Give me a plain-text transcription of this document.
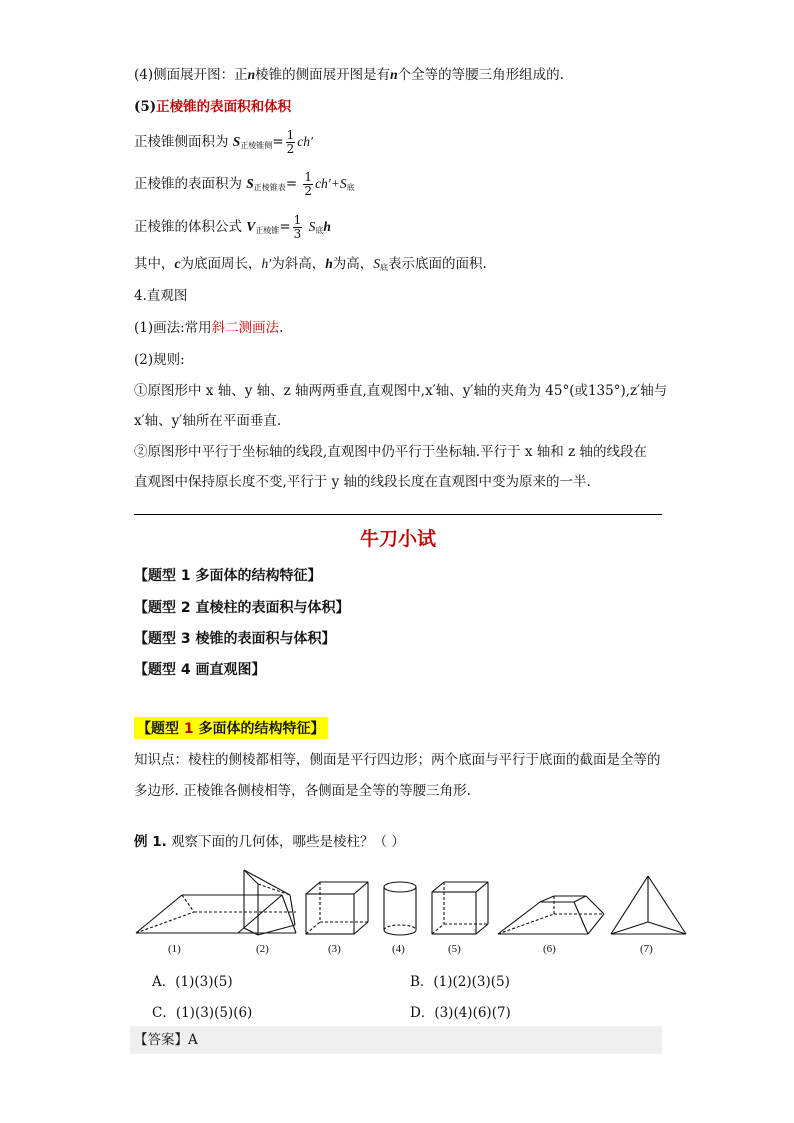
(4)侧面展开图：正n棱锥的侧面展开图是有n个全等的等腰三角形组成的.
(5)正棱锥的表面积和体积
正棱锥侧面积为 $S_{正棱锥侧}= \frac{1}{2} ch'$
正棱锥的表面积为 $S_{正棱锥表}= \frac{1}{2} ch'+S_底$
正棱锥的体积公式 $V_{正棱锥}= \frac{1}{3} S_底h$
其中，c为底面周长，h′为斜高，h为高，$S_底$表示底面的面积.
4.直观图
(1)画法:常用斜二测画法.
(2)规则:
①原图形中 x 轴、y 轴、z 轴两两垂直,直观图中,x′轴、y′轴的夹角为 45°(或135°),z′轴与
x′轴、y′轴所在平面垂直.
②原图形中平行于坐标轴的线段,直观图中仍平行于坐标轴.平行于 x 轴和 z 轴的线段在
直观图中保持原长度不变,平行于 y 轴的线段长度在直观图中变为原来的一半.
牛刀小试
【题型 1 多面体的结构特征】
【题型 2 直棱柱的表面积与体积】
【题型 3 棱锥的表面积与体积】
【题型 4 画直观图】
【题型 1 多面体的结构特征】
知识点：棱柱的侧棱都相等，侧面是平行四边形；两个底面与平行于底面的截面是全等的多边形. 正棱锥各侧棱相等，各侧面是全等的等腰三角形.
例 1. 观察下面的几何体，哪些是棱柱？（ ）
(1)	(2)	(3)	(4)	(5)	(6)	(7)
A．(1)(3)(5)	B．(1)(2)(3)(5)
C．(1)(3)(5)(6)	D．(3)(4)(6)(7)
【答案】A
